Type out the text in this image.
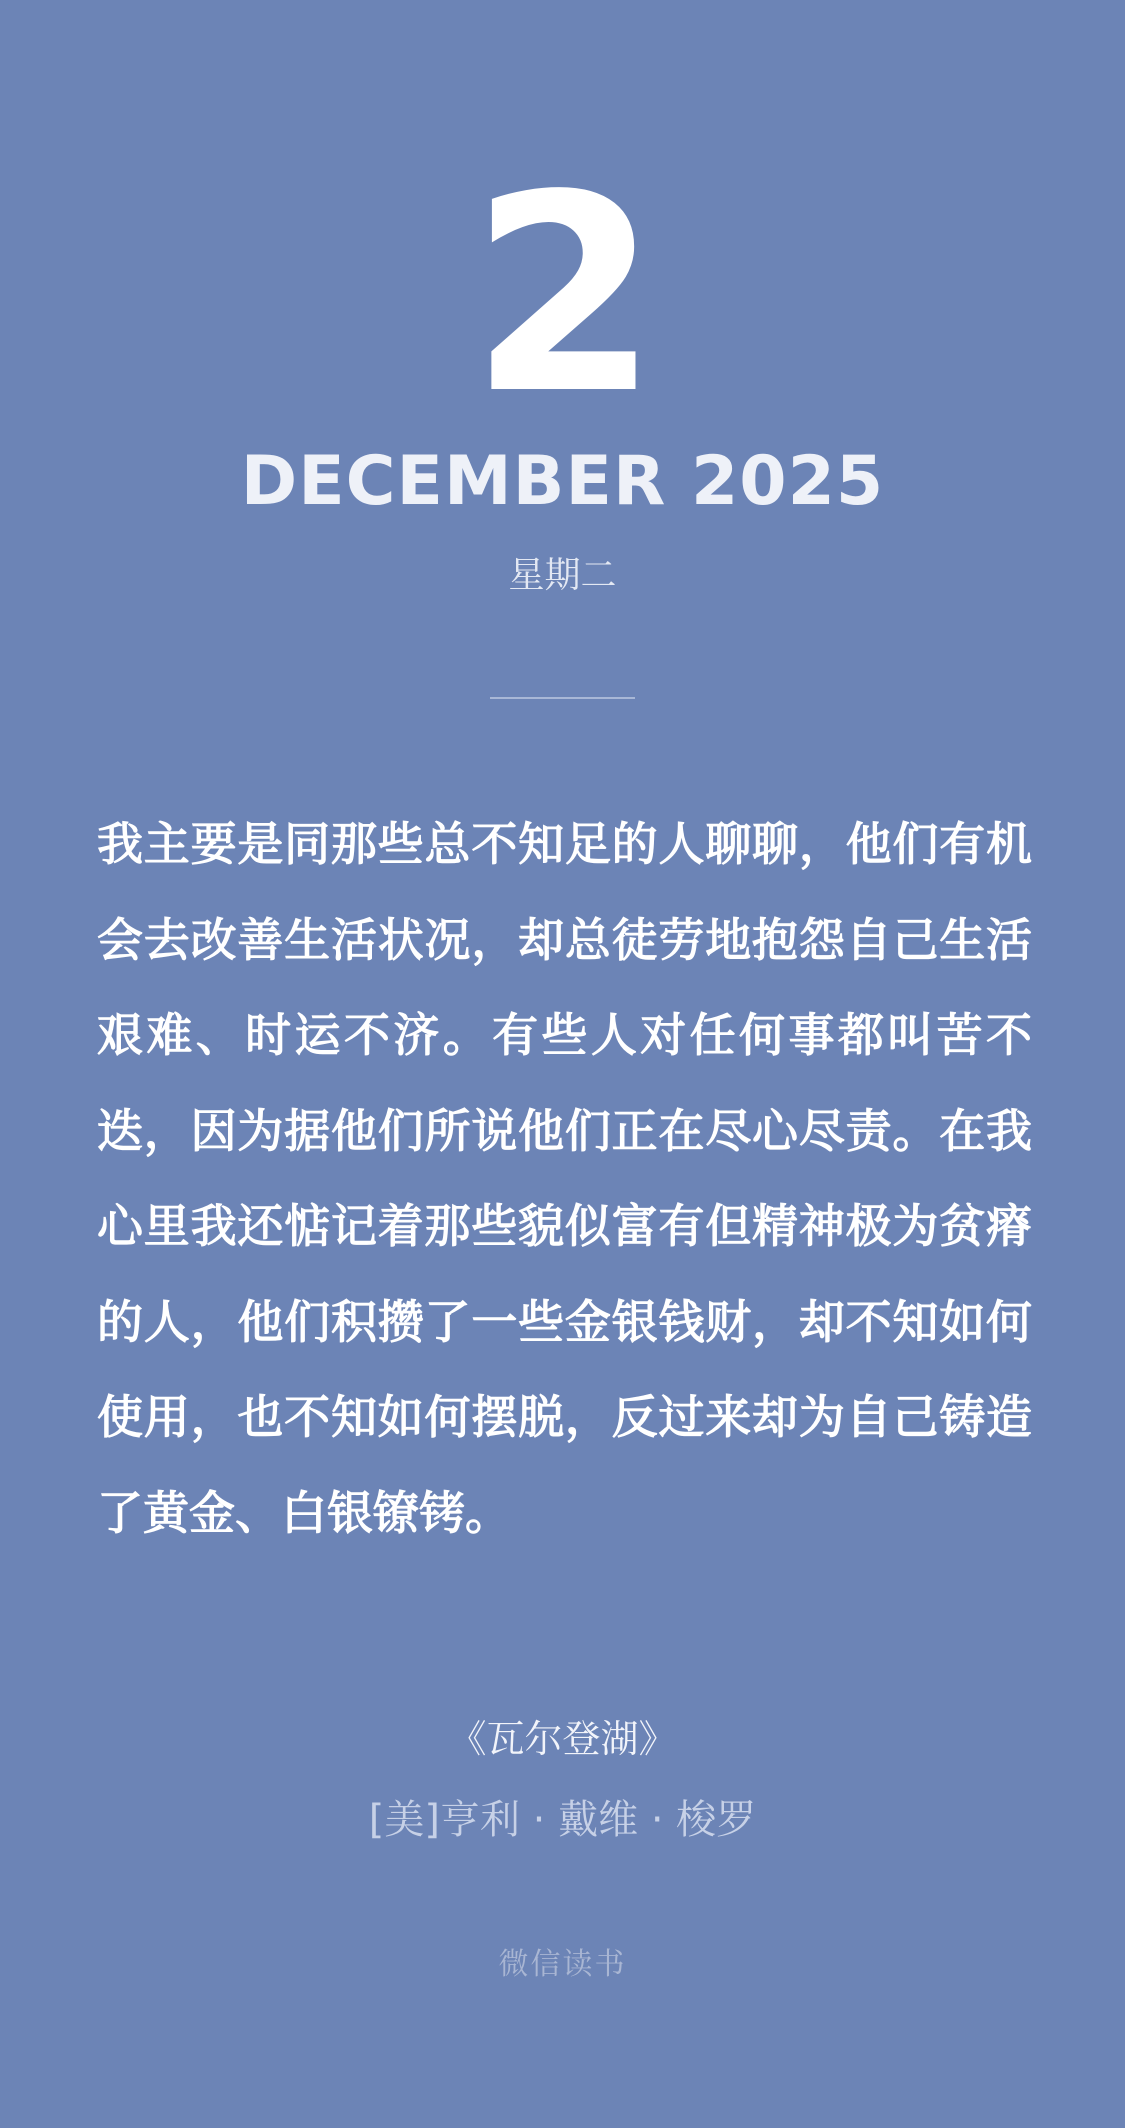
2
DECEMBER 2025
星期二

我主要是同那些总不知足的人聊聊，他们有机会去改善生活状况，却总徒劳地抱怨自己生活艰难、时运不济。有些人对任何事都叫苦不迭，因为据他们所说他们正在尽心尽责。在我心里我还惦记着那些貌似富有但精神极为贫瘠的人，他们积攒了一些金银钱财，却不知如何使用，也不知如何摆脱，反过来却为自己铸造了黄金、白银镣铐。

《瓦尔登湖》
[美]亨利 · 戴维 · 梭罗
微信读书
